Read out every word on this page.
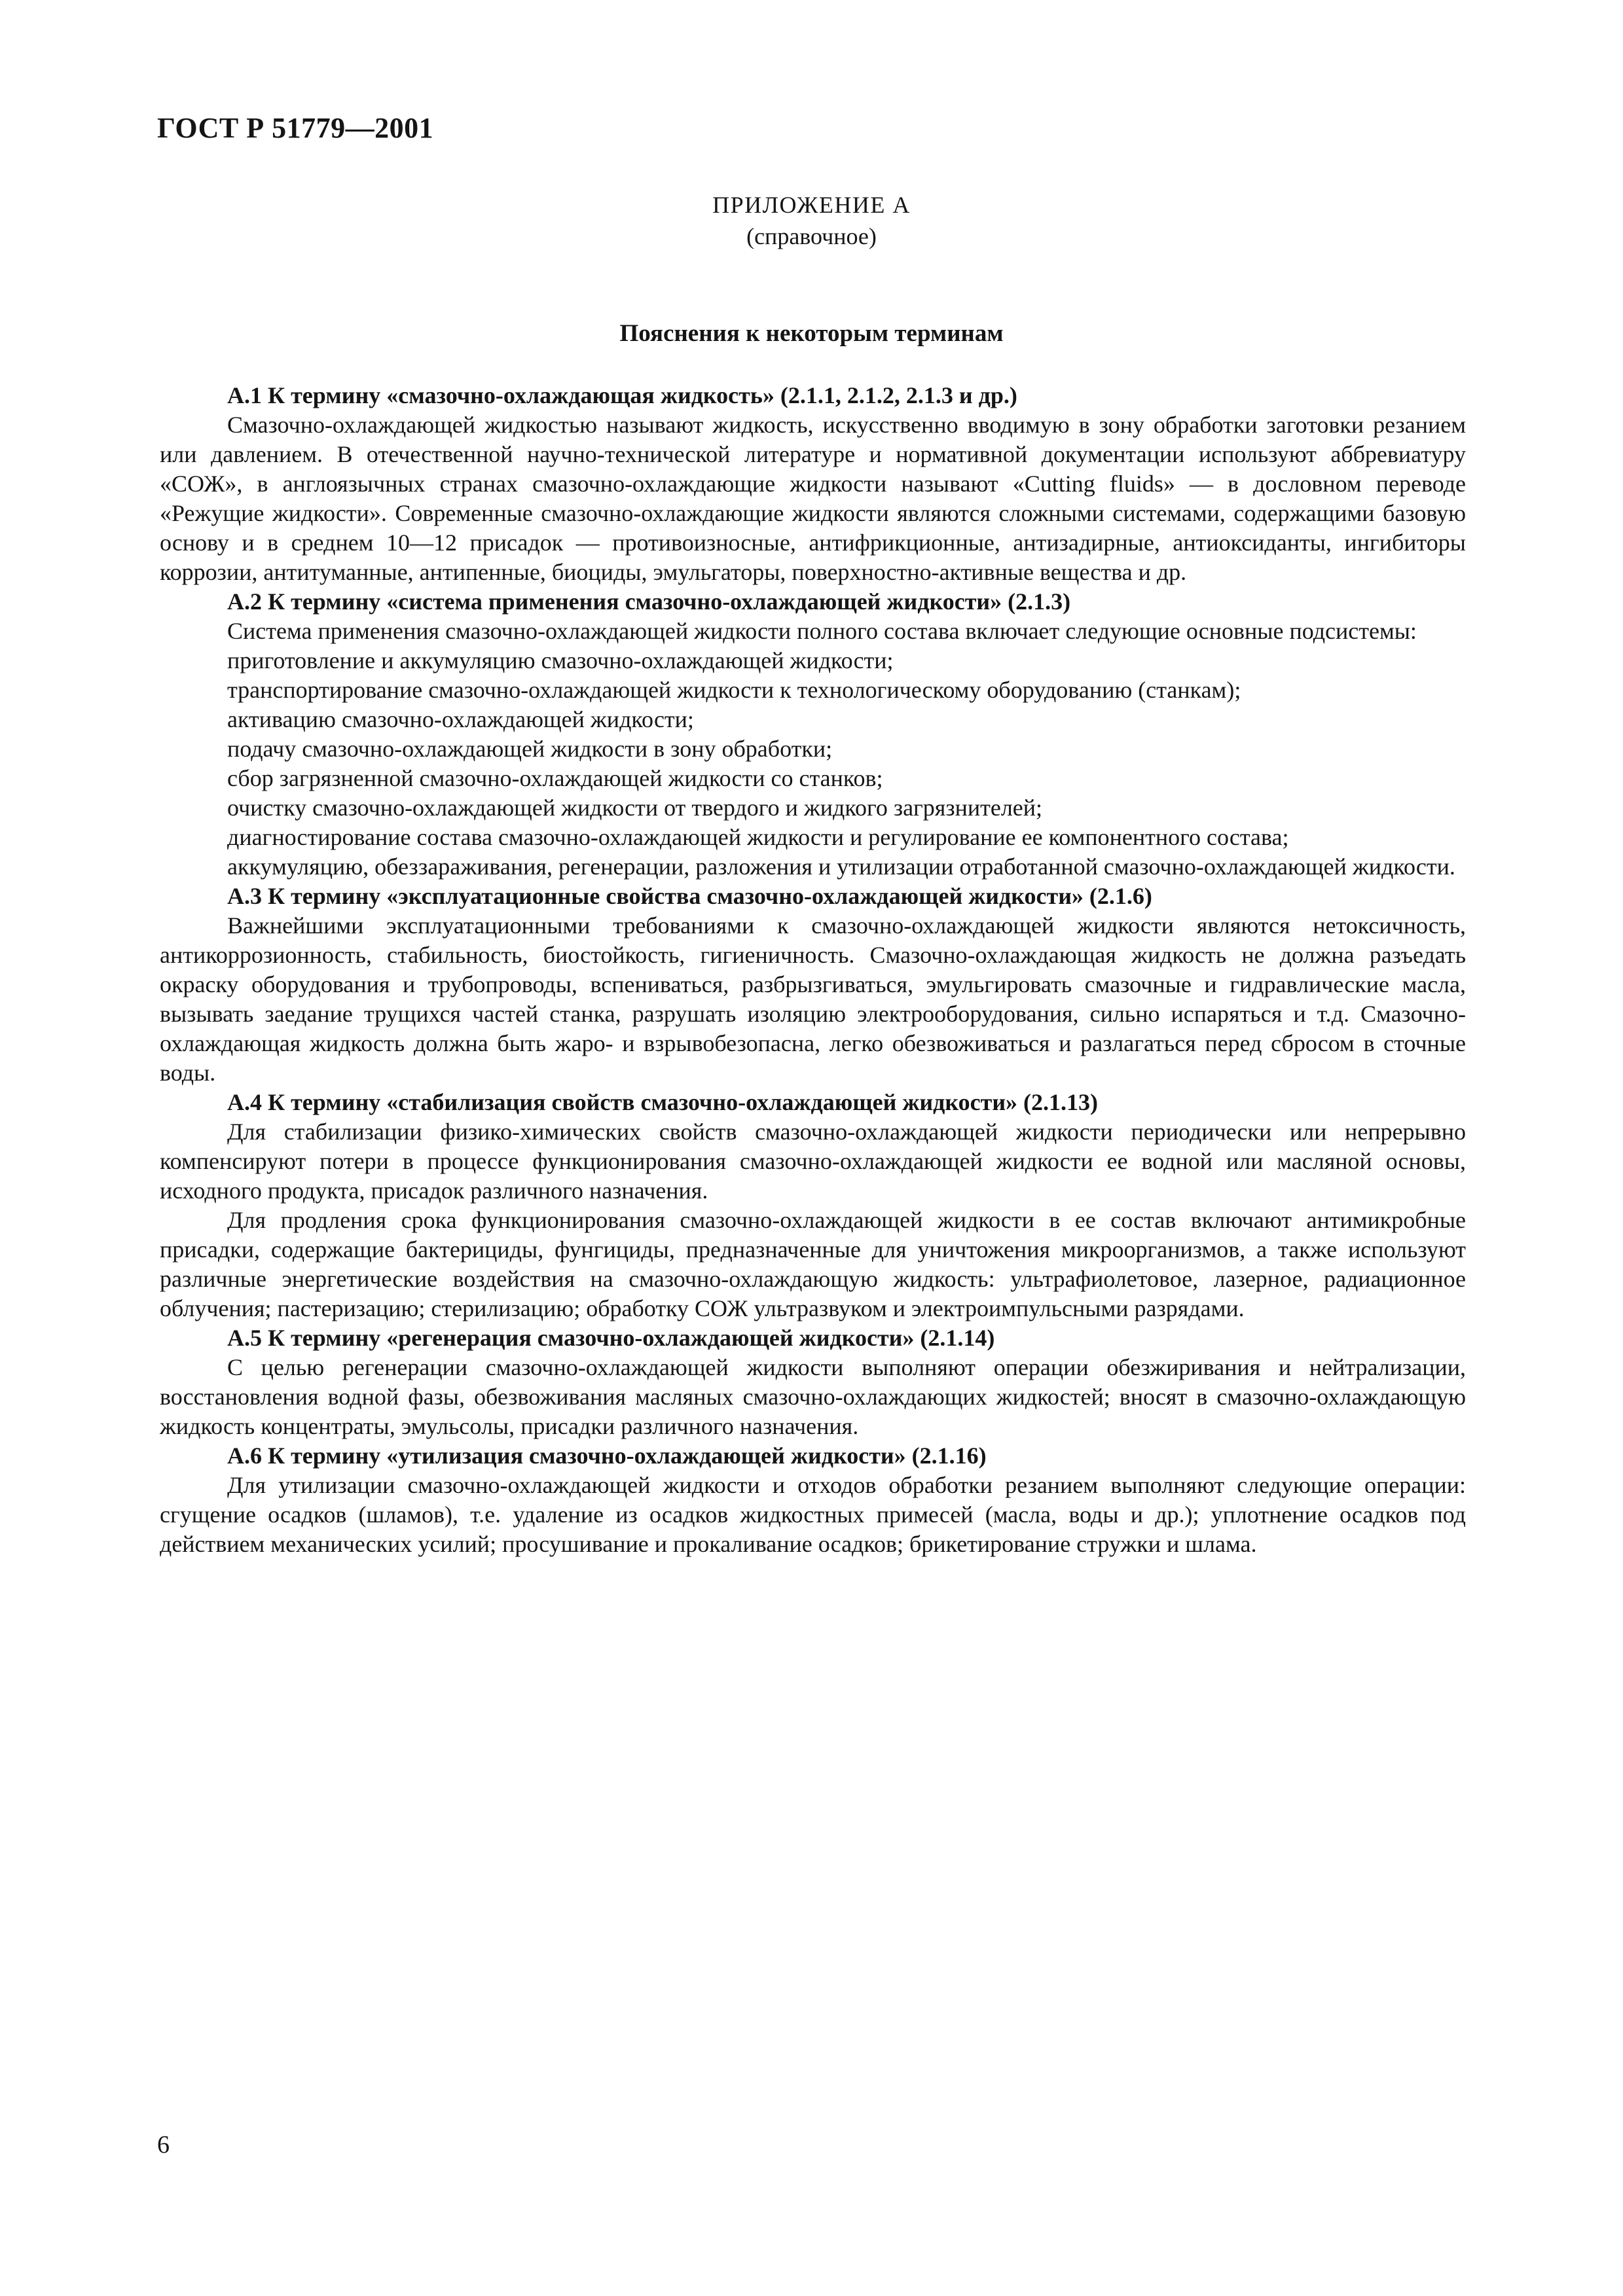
ГОСТ Р 51779—2001
ПРИЛОЖЕНИЕ А
(справочное)
Пояснения к некоторым терминам

А.1 К термину «смазочно-охлаждающая жидкость» (2.1.1, 2.1.2, 2.1.3 и др.)

Смазочно-охлаждающей жидкостью называют жидкость, искусственно вводимую в зону обработки заготовки резанием или давлением. В отечественной научно-технической литературе и нормативной документации используют аббревиатуру «СОЖ», в англоязычных странах смазочно-охлаждающие жидкости называют «Cutting fluids» — в дословном переводе «Режущие жидкости». Современные смазочно-охлаждающие жидкости являются сложными системами, содержащими базовую основу и в среднем 10—12 присадок — противоизносные, антифрикционные, антизадирные, антиоксиданты, ингибиторы коррозии, антитуманные, антипенные, биоциды, эмульгаторы, поверхностно-активные вещества и др.

А.2 К термину «система применения смазочно-охлаждающей жидкости» (2.1.3)

Система применения смазочно-охлаждающей жидкости полного состава включает следующие основные подсистемы:

приготовление и аккумуляцию смазочно-охлаждающей жидкости;

транспортирование смазочно-охлаждающей жидкости к технологическому оборудованию (станкам);

активацию смазочно-охлаждающей жидкости;

подачу смазочно-охлаждающей жидкости в зону обработки;

сбор загрязненной смазочно-охлаждающей жидкости со станков;

очистку смазочно-охлаждающей жидкости от твердого и жидкого загрязнителей;

диагностирование состава смазочно-охлаждающей жидкости и регулирование ее компонентного состава;

аккумуляцию, обеззараживания, регенерации, разложения и утилизации отработанной смазочно-охлаждающей жидкости.

А.3 К термину «эксплуатационные свойства смазочно-охлаждающей жидкости» (2.1.6)

Важнейшими эксплуатационными требованиями к смазочно-охлаждающей жидкости являются нетоксичность, антикоррозионность, стабильность, биостойкость, гигиеничность. Смазочно-охлаждающая жидкость не должна разъедать окраску оборудования и трубопроводы, вспениваться, разбрызгиваться, эмульгировать смазочные и гидравлические масла, вызывать заедание трущихся частей станка, разрушать изоляцию электрооборудования, сильно испаряться и т.д. Смазочно-охлаждающая жидкость должна быть жаро- и взрывобезопасна, легко обезвоживаться и разлагаться перед сбросом в сточные воды.

А.4 К термину «стабилизация свойств смазочно-охлаждающей жидкости» (2.1.13)

Для стабилизации физико-химических свойств смазочно-охлаждающей жидкости периодически или непрерывно компенсируют потери в процессе функционирования смазочно-охлаждающей жидкости ее водной или масляной основы, исходного продукта, присадок различного назначения.

Для продления срока функционирования смазочно-охлаждающей жидкости в ее состав включают антимикробные присадки, содержащие бактерициды, фунгициды, предназначенные для уничтожения микроорганизмов, а также используют различные энергетические воздействия на смазочно-охлаждающую жидкость: ультрафиолетовое, лазерное, радиационное облучения; пастеризацию; стерилизацию; обработку СОЖ ультразвуком и электроимпульсными разрядами.

А.5 К термину «регенерация смазочно-охлаждающей жидкости» (2.1.14)

С целью регенерации смазочно-охлаждающей жидкости выполняют операции обезжиривания и нейтрализации, восстановления водной фазы, обезвоживания масляных смазочно-охлаждающих жидкостей; вносят в смазочно-охлаждающую жидкость концентраты, эмульсолы, присадки различного назначения.

А.6 К термину «утилизация смазочно-охлаждающей жидкости» (2.1.16)

Для утилизации смазочно-охлаждающей жидкости и отходов обработки резанием выполняют следующие операции: сгущение осадков (шламов), т.е. удаление из осадков жидкостных примесей (масла, воды и др.); уплотнение осадков под действием механических усилий; просушивание и прокаливание осадков; брикетирование стружки и шлама.

6
